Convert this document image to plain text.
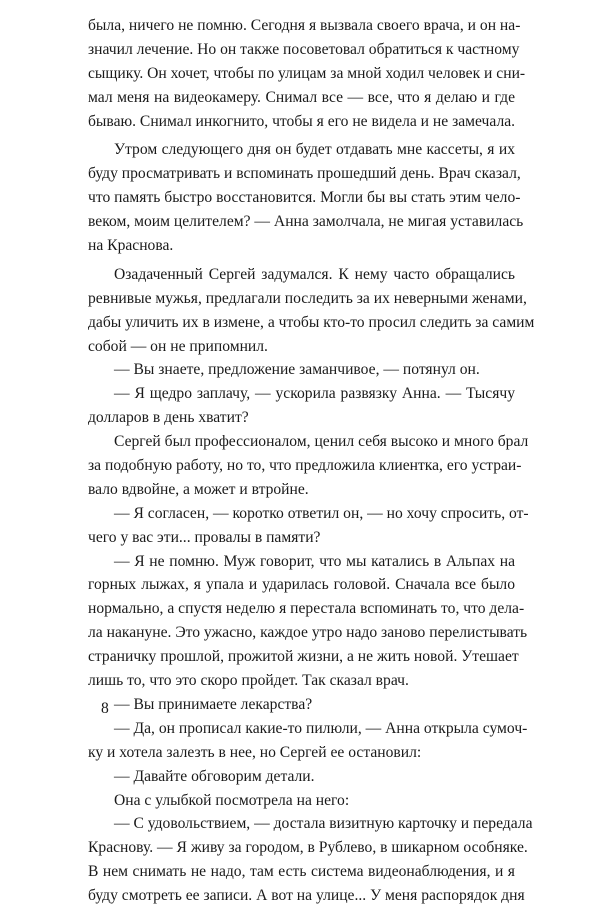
была, ничего не помню. Сегодня я вызвала своего врача, и он на-
значил лечение. Но он также посоветовал обратиться к частному
сыщику. Он хочет, чтобы по улицам за мной ходил человек и сни-
мал меня на видеокамеру. Снимал все — все, что я делаю и где
бываю. Снимал инкогнито, чтобы я его не видела и не замечала.
Утром следующего дня он будет отдавать мне кассеты, я их
буду просматривать и вспоминать прошедший день. Врач сказал,
что память быстро восстановится. Могли бы вы стать этим чело-
веком, моим целителем? — Анна замолчала, не мигая уставилась
на Краснова.
Озадаченный Сергей задумался. К нему часто обращались
ревнивые мужья, предлагали последить за их неверными женами,
дабы уличить их в измене, а чтобы кто-то просил следить за самим
собой — он не припомнил.
— Вы знаете, предложение заманчивое, — потянул он.
— Я щедро заплачу, — ускорила развязку Анна. — Тысячу
долларов в день хватит?
Сергей был профессионалом, ценил себя высоко и много брал
за подобную работу, но то, что предложила клиентка, его устраи-
вало вдвойне, а может и втройне.
— Я согласен, — коротко ответил он, — но хочу спросить, от-
чего у вас эти... провалы в памяти?
— Я не помню. Муж говорит, что мы катались в Альпах на
горных лыжах, я упала и ударилась головой. Сначала все было
нормально, а спустя неделю я перестала вспоминать то, что дела-
ла накануне. Это ужасно, каждое утро надо заново перелистывать
страничку прошлой, прожитой жизни, а не жить новой. Утешает
лишь то, что это скоро пройдет. Так сказал врач.
— Вы принимаете лекарства?
— Да, он прописал какие-то пилюли, — Анна открыла сумоч-
ку и хотела залезть в нее, но Сергей ее остановил:
— Давайте обговорим детали.
Она с улыбкой посмотрела на него:
— С удовольствием, — достала визитную карточку и передала
Краснову. — Я живу за городом, в Рублево, в шикарном особняке.
В нем снимать не надо, там есть система видеонаблюдения, и я
буду смотреть ее записи. А вот на улице... У меня распорядок дня
8
